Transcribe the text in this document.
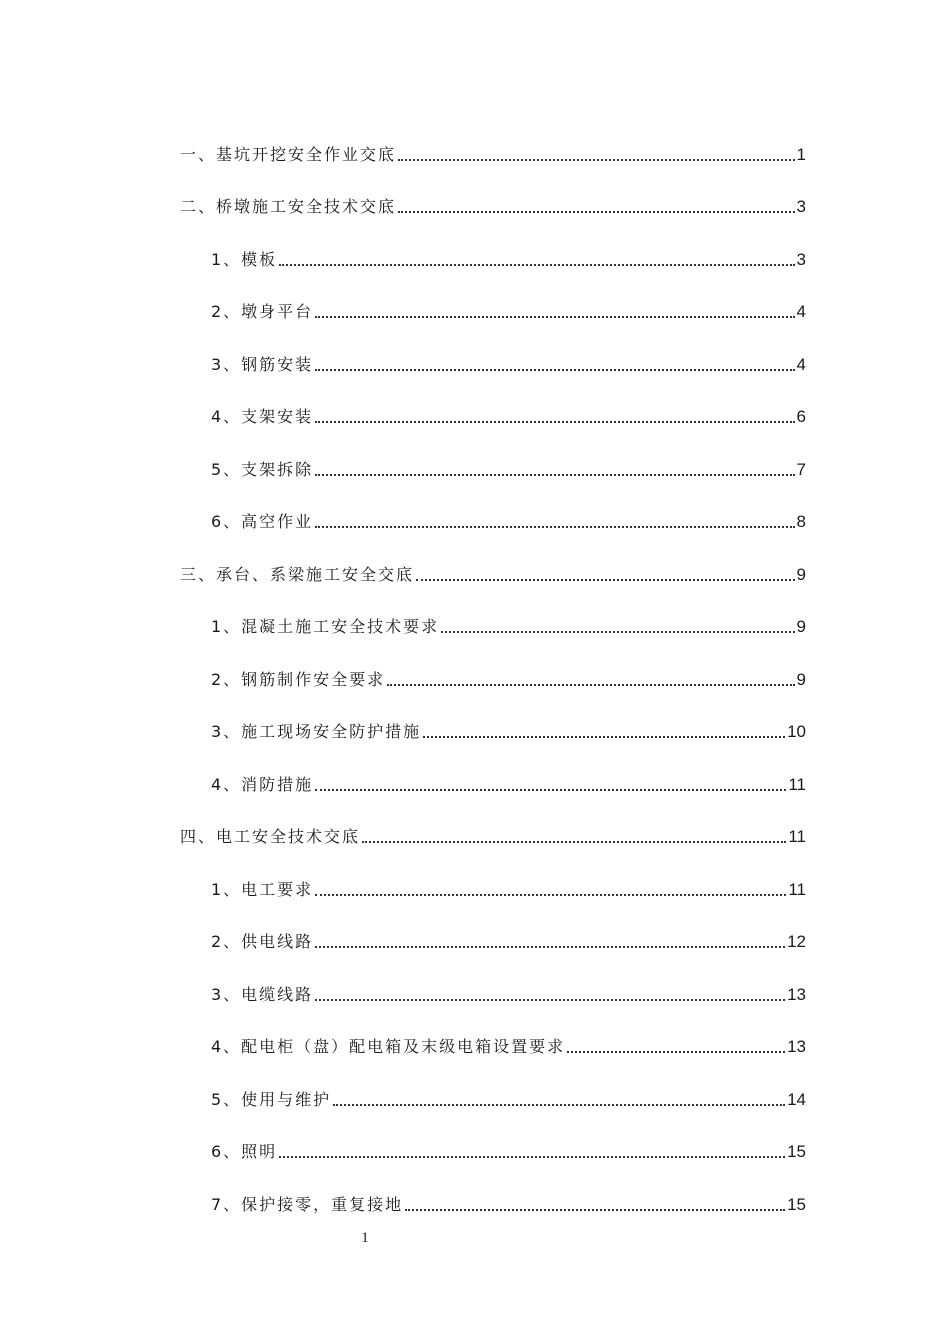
一、基坑开挖安全作业交底	1
二、桥墩施工安全技术交底	3
1、模板	3
2、墩身平台	4
3、钢筋安装	4
4、支架安装	6
5、支架拆除	7
6、高空作业	8
三、承台、系梁施工安全交底	9
1、混凝土施工安全技术要求	9
2、钢筋制作安全要求	9
3、施工现场安全防护措施	10
4、消防措施	11
四、电工安全技术交底	11
1、电工要求	11
2、供电线路	12
3、电缆线路	13
4、配电柜（盘）配电箱及末级电箱设置要求	13
5、使用与维护	14
6、照明	15
7、保护接零，重复接地	15
1
